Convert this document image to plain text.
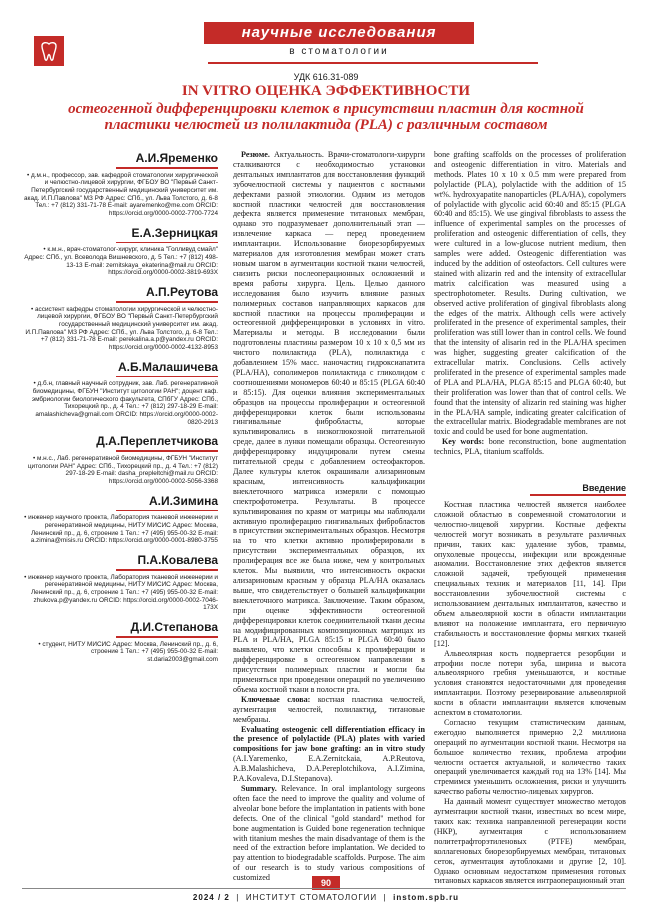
научные исследования
в стоматологии
УДК 616.31-089
IN VITRO ОЦЕНКА ЭФФЕКТИВНОСТИ
остеогенной дифференцировки клеток в присутствии пластин для костной пластики челюстей из полилактида (PLA) с различным составом
А.И.Яременко
• д.м.н., профессор, зав. кафедрой стоматологии хирургической и челюстно-лицевой хирургии, ФГБОУ ВО "Первый Санкт-Петербургский государственный медицинский университет им. акад. И.П.Павлова" МЗ РФ Адрес: СПб., ул. Льва Толстого, д. 6-8 Тел.: +7 (812) 331-71-78 E-mail: ayaremenko@me.com ORCID: https://orcid.org/0000-0002-7700-7724
Е.А.Зерницкая
• к.м.н., врач-стоматолог-хирург, клиника "Голливуд смайл" Адрес: СПб., ул. Всеволода Вишневского, д. 5 Тел.: +7 (812) 498-13-13 E-mail: zernitskaya_ekaterina@mail.ru ORCID: https://orcid.org/0000-0002-3819-693X
А.П.Реутова
• ассистент кафедры стоматологии хирургической и челюстно-лицевой хирургии, ФГБОУ ВО "Первый Санкт-Петербургский государственный медицинский университет им. акад. И.П.Павлова" МЗ РФ Адрес: СПб., ул. Льва Толстого, д. 6-8 Тел.: +7 (812) 331-71-78 E-mail: perekalina.a.p@yandex.ru ORCID: https://orcid.org/0000-0002-4132-8953
А.Б.Малашичева
• д.б.н, главный научный сотрудник, зав. Лаб. регенеративной биомедицины, ФГБУН "Институт цитологии РАН"; доцент каф. эмбриологии биологического факультета, СПбГУ Адрес: СПб., Тихорецкий пр., д. 4 Тел.: +7 (812) 297-18-29 E-mail: amalashicheva@gmail.com ORCID: https://orcid.org/0000-0002-0820-2913
Д.А.Переплетчикова
• м.н.с., Лаб. регенеративной биомедицины, ФГБУН "Институт цитологии РАН" Адрес: СПб., Тихорецкий пр., д. 4 Тел.: +7 (812) 297-18-29 E-mail: dasha_prepleltchi@mail.ru ORCID: https://orcid.org/0000-0002-5056-3368
А.И.Зимина
• инженер научного проекта, Лаборатория тканевой инженерии и регенеративной медицины, НИТУ МИСИС Адрес: Москва, Ленинский пр., д. 6, строение 1 Тел.: +7 (495) 955-00-32 E-mail: a.zimina@misis.ru ORCID: https://orcid.org/0000-0001-8980-3755
П.А.Ковалева
• инженер научного проекта, Лаборатория тканевой инженерии и регенеративной медицины, НИТУ МИСИС Адрес: Москва, Ленинский пр., д. 6, строение 1 Тел.: +7 (495) 955-00-32 E-mail: zhukova.p@yandex.ru ORCID: https://orcid.org/0000-0002-7046-173X
Д.И.Степанова
• студент, НИТУ МИСИС Адрес: Москва, Ленинский пр., д. 6, строение 1 Тел.: +7 (495) 955-00-32 E-mail: st.daria2003@gmail.com

Резюме. Актуальность. Врачи-стоматологи-хирурги сталкиваются с необходимостью установки дентальных имплантатов для восстановления функций зубочелюстной системы у пациентов с костными дефектами разной этиологии. Одним из методов костной пластики челюстей для восстановления дефекта является применение титановых мембран, однако это подразумевает дополнительный этап — извлечение каркаса — перед проведением имплантации. Использование биорезорбируемых материалов для изготовления мембран может стать новым шагом в аугментации костной ткани челюстей, снизить риски послеоперационных осложнений и время работы хирурга. Цель. Целью данного исследования было изучить влияние разных полимерных составов направляющих каркасов для костной пластики на процессы пролиферации и остеогенной дифференцировки в условиях in vitro. Материалы и методы. В исследовании были подготовлены пластины размером 10 x 10 x 0,5 мм из чистого полилактида (PLA), полилактида с добавлением 15% масс. наночастиц гидроксиапатита (PLA/HA), сополимеров полилактида с гликолидом с соотношениями мономеров 60:40 и 85:15 (PLGA 60:40 и 85:15). Для оценки влияния экспериментальных образцов на процессы пролиферации и остеогенной дифференцировки клеток были использованы гингивальные фибробласты, которые культивировались в низкоглюкозной питательной среде, далее в лунки помещали образцы. Остеогенную дифференцировку индуцировали путем смены питательной среды с добавлением остеофакторов. Далее культуры клеток окрашивали ализариновым красным, интенсивность кальцификации внеклеточного матрикса измеряли с помощью спектрофотометра. Результаты. В процессе культивирования по краям от матрицы мы наблюдали активную пролиферацию гингивальных фибробластов в присутствии экспериментальных образцов. Несмотря на то что клетки активно пролиферировали в присутствии экспериментальных образцов, их пролиферация все же была ниже, чем у контрольных клеток. Мы выявили, что интенсивность окраски ализариновым красным у образца PLA/HA оказалась выше, что свидетельствует о большей кальцификации внеклеточного матрикса. Заключение. Таким образом, при оценке эффективности остеогенной дифференцировки клеток соединительной ткани десны на модифицированных композиционных матрицах из PLA и PLA/HA, PLGA 85:15 и PLGA 60:40 было выявлено, что клетки способны к пролиферации и дифференцировке в остеогенном направлении в присутствии полимерных пластин и могли бы применяться при проведении операций по увеличению объема костной ткани в полости рта.

Ключевые слова: костная пластика челюстей, аугментация челюстей, полилактид, титановые мембраны.

Evaluating osteogenic cell differentiation efficacy in the presence of polylactide (PLA) plates with varied compositions for jaw bone grafting: an in vitro study (A.I.Yaremenko, E.A.Zernitckaia, A.P.Reutova, A.B.Malashicheva, D.A.Pereplotchikova, A.I.Zimina, P.A.Kovaleva, D.I.Stepanova).

Summary. Relevance. In oral implantology surgeons often face the need to improve the quality and volume of alveolar bone before the implantation in patients with bone defects. One of the clinical "gold standard" method for bone augmentation is Guided bone regeneration technique with titanium meshes the main disadvantage of them is the need of the extraction before implantation. We decided to pay attention to biodegradable scaffolds. Purpose. The aim of our research is to study various compositions of customized

bone grafting scaffolds on the processes of proliferation and osteogenic differentiation in vitro. Materials and methods. Plates 10 x 10 x 0.5 mm were prepared from polylactide (PLA), polylactide with the addition of 15 wt%. hydroxyapatite nanoparticles (PLA/HA), copolymers of polylactide with glycolic acid 60:40 and 85:15 (PLGA 60:40 and 85:15). We use gingival fibroblasts to assess the influence of experimental samples on the processes of proliferation and osteogenic differentiation of cells, they were cultured in a low-glucose nutrient medium, then samples were added. Osteogenic differentiation was induced by the addition of osteofactors. Cell cultures were stained with alizarin red and the intensity of extracellular matrix calcification was measured using a spectrophotometer. Results. During cultivation, we observed active proliferation of gingival fibroblasts along the edges of the matrix. Although cells were actively proliferated in the presence of experimental samples, their proliferation was still lower than in control cells. We found that the intensity of alisarin red in the PLA/HA specimen was higher, suggesting greater calcification of the extracellular matrix. Conclusions. Cells actively proliferated in the presence of experimental samples made of PLA and PLA/HA, PLGA 85:15 and PLGA 60:40, but their proliferation was lower than that of control cells. We found that the intensity of alizarin red staining was higher in the PLA/HA sample, indicating greater calcification of the extracellular matrix. Biodegradable membranes are not toxic and could be used for bone augmentation.

Key words: bone reconstruction, bone augmentation technics, PLA, titanium scaffolds.

Введение

Костная пластика челюстей является наиболее сложной областью в современной стоматологии и челюстно-лицевой хирургии. Костные дефекты челюстей могут возникать в результате различных причин, таких как: удаление зубов, травмы, опухолевые процессы, инфекции или врожденные аномалии. Восстановление этих дефектов является сложной задачей, требующей применения специальных техник и материалов [11, 14]. При восстановлении зубочелюстной системы с использованием дентальных имплантатов, качество и объем альвеолярной кости в области имплантации влияют на положение имплантата, его первичную стабильность и восстановление формы мягких тканей [12].

Альвеолярная кость подвергается резорбции и атрофии после потери зуба, ширина и высота альвеолярного гребня уменьшаются, и костные условия становятся недостаточными для проведения имплантации. Поэтому резервирование альвеолярной кости в области имплантации является ключевым аспектом в стоматологии.

Согласно текущим статистическим данным, ежегодно выполняется примерно 2,2 миллиона операций по аугментации костной ткани. Несмотря на большое количество техник, проблема атрофии челюсти остается актуальной, и количество таких операций увеличивается каждый год на 13% [14]. Мы стремимся уменьшить осложнения, риски и улучшить качество работы челюстно-лицевых хирургов.

На данный момент существует множество методов аугментации костной ткани, известных во всем мире, таких как: техника направленной регенерации кости (НКР), аугментация с использованием политетрафторэтиленовых (PTFE) мембран, коллагеновых биорезорбируемых мембран, титановых сеток, аугментация аутоблоками и другие [2, 10]. Однако основным недостатком применения готовых титановых каркасов является интраоперационный этап

90
2024 / 2  |  ИНСТИТУТ СТОМАТОЛОГИИ  |  instom.spb.ru
